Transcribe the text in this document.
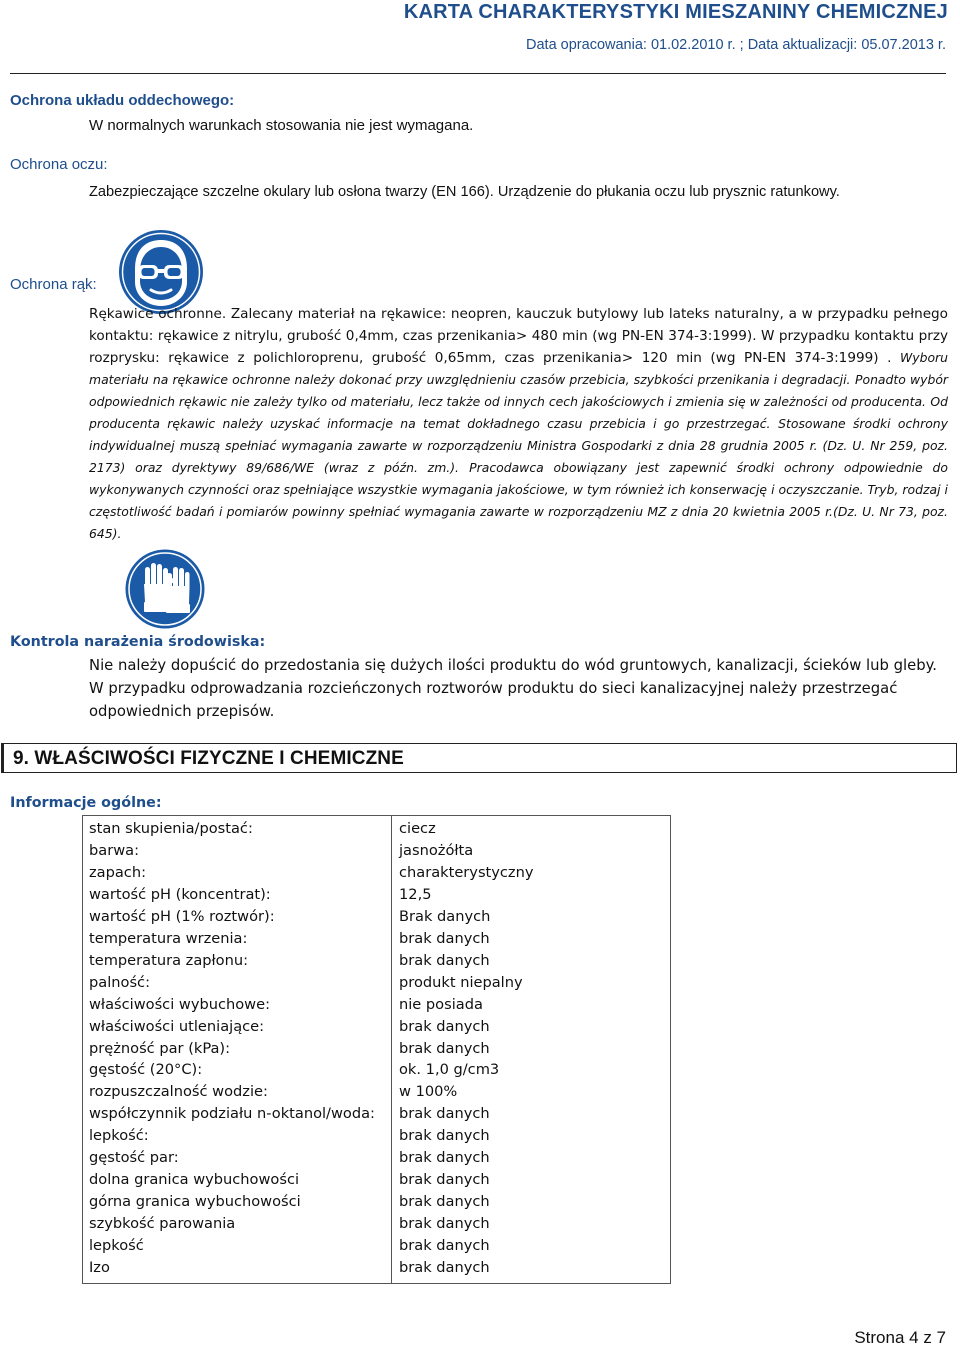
KARTA CHARAKTERYSTYKI MIESZANINY CHEMICZNEJ
Data opracowania: 01.02.2010 r. ; Data aktualizacji: 05.07.2013 r.
Ochrona układu oddechowego:
W normalnych warunkach stosowania nie jest wymagana.
Ochrona oczu:
Zabezpieczające szczelne okulary lub osłona twarzy (EN 166). Urządzenie do płukania oczu lub prysznic ratunkowy.
Ochrona rąk:
Rękawice ochronne. Zalecany materiał na rękawice: neopren, kauczuk butylowy lub lateks naturalny, a w przypadku pełnego kontaktu: rękawice z nitrylu, grubość 0,4mm, czas przenikania> 480 min (wg PN-EN 374-3:1999). W przypadku kontaktu przy rozprysku: rękawice z polichloroprenu, grubość 0,65mm, czas przenikania> 120 min (wg PN-EN 374-3:1999) . Wyboru materiału na rękawice ochronne należy dokonać przy uwzględnieniu czasów przebicia, szybkości przenikania i degradacji. Ponadto wybór odpowiednich rękawic nie zależy tylko od materiału, lecz także od innych cech jakościowych i zmienia się w zależności od producenta. Od producenta rękawic należy uzyskać informacje na temat dokładnego czasu przebicia i go przestrzegać. Stosowane środki ochrony indywidualnej muszą spełniać wymagania zawarte w rozporządzeniu Ministra Gospodarki z dnia 28 grudnia 2005 r. (Dz. U. Nr 259, poz. 2173) oraz dyrektywy 89/686/WE (wraz z późn. zm.). Pracodawca obowiązany jest zapewnić środki ochrony odpowiednie do wykonywanych czynności oraz spełniające wszystkie wymagania jakościowe, w tym również ich konserwację i oczyszczanie. Tryb, rodzaj i częstotliwość badań i pomiarów powinny spełniać wymagania zawarte w rozporządzeniu MZ z dnia 20 kwietnia 2005 r.(Dz. U. Nr 73, poz. 645).
Kontrola narażenia środowiska:
Nie należy dopuścić do przedostania się dużych ilości produktu do wód gruntowych, kanalizacji, ścieków lub gleby. W przypadku odprowadzania rozcieńczonych roztworów produktu do sieci kanalizacyjnej należy przestrzegać odpowiednich przepisów.
9. WŁAŚCIWOŚCI FIZYCZNE I CHEMICZNE
Informacje ogólne:
stan skupienia/postać:	ciecz
barwa:	jasnożółta
zapach:	charakterystyczny
wartość pH (koncentrat):	12,5
wartość pH (1% roztwór):	Brak danych
temperatura wrzenia:	brak danych
temperatura zapłonu:	brak danych
palność:	produkt niepalny
właściwości wybuchowe:	nie posiada
właściwości utleniające:	brak danych
prężność par (kPa):	brak danych
gęstość (20°C):	ok. 1,0 g/cm3
rozpuszczalność wodzie:	w 100%
współczynnik podziału n-oktanol/woda: brak danych
lepkość:	brak danych
gęstość par:	brak danych
dolna granica wybuchowości	brak danych
górna granica wybuchowości	brak danych
szybkość parowania	brak danych
lepkość	brak danych
Izo	brak danych
Strona 4 z 7
